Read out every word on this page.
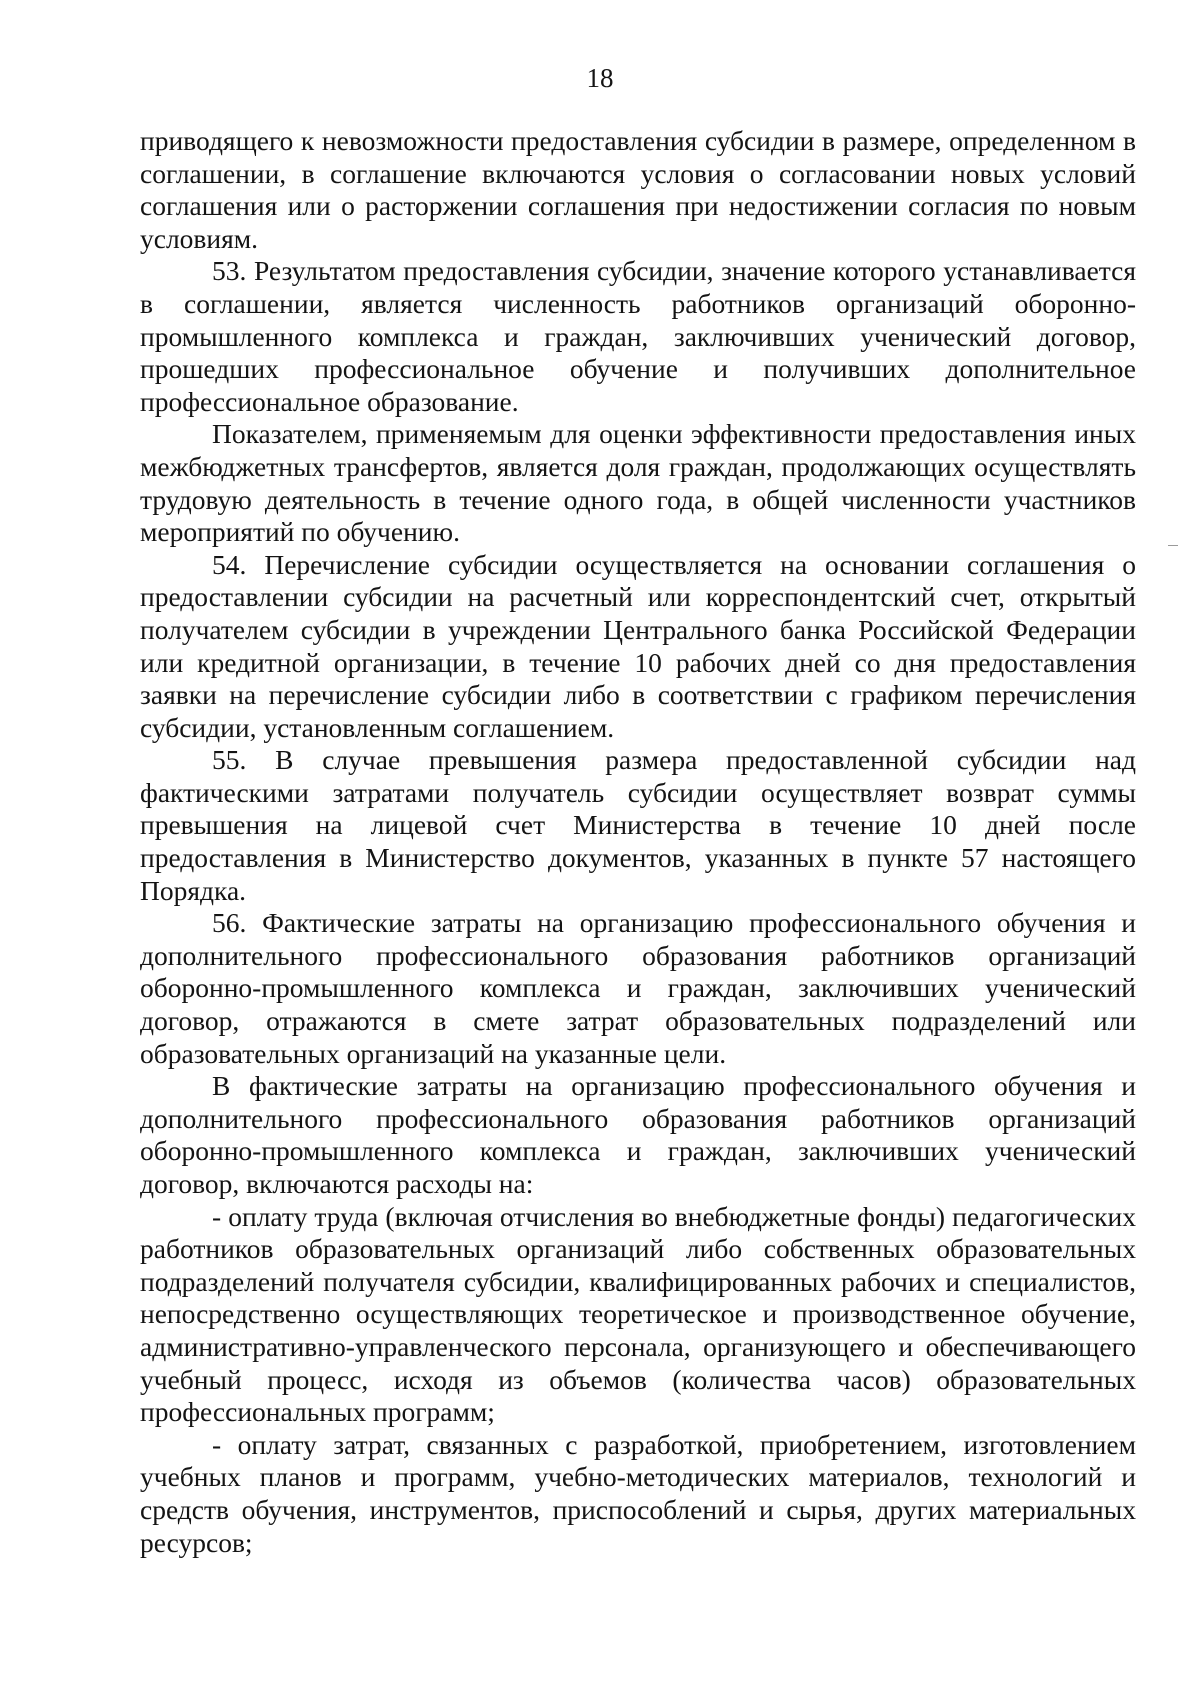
18

приводящего к невозможности предоставления субсидии в размере, определенном в соглашении, в соглашение включаются условия о согласовании новых условий соглашения или о расторжении соглашения при недостижении согласия по новым условиям.

53. Результатом предоставления субсидии, значение которого устанавливается в соглашении, является численность работников организаций оборонно-промышленного комплекса и граждан, заключивших ученический договор, прошедших профессиональное обучение и получивших дополнительное профессиональное образование.

Показателем, применяемым для оценки эффективности предоставления иных межбюджетных трансфертов, является доля граждан, продолжающих осуществлять трудовую деятельность в течение одного года, в общей численности участников мероприятий по обучению.

54. Перечисление субсидии осуществляется на основании соглашения о предоставлении субсидии на расчетный или корреспондентский счет, открытый получателем субсидии в учреждении Центрального банка Российской Федерации или кредитной организации, в течение 10 рабочих дней со дня предоставления заявки на перечисление субсидии либо в соответствии с графиком перечисления субсидии, установленным соглашением.

55. В случае превышения размера предоставленной субсидии над фактическими затратами получатель субсидии осуществляет возврат суммы превышения на лицевой счет Министерства в течение 10 дней после предоставления в Министерство документов, указанных в пункте 57 настоящего Порядка.

56. Фактические затраты на организацию профессионального обучения и дополнительного профессионального образования работников организаций оборонно-промышленного комплекса и граждан, заключивших ученический договор, отражаются в смете затрат образовательных подразделений или образовательных организаций на указанные цели.

В фактические затраты на организацию профессионального обучения и дополнительного профессионального образования работников организаций оборонно-промышленного комплекса и граждан, заключивших ученический договор, включаются расходы на:

- оплату труда (включая отчисления во внебюджетные фонды) педагогических работников образовательных организаций либо собственных образовательных подразделений получателя субсидии, квалифицированных рабочих и специалистов, непосредственно осуществляющих теоретическое и производственное обучение, административно-управленческого персонала, организующего и обеспечивающего учебный процесс, исходя из объемов (количества часов) образовательных профессиональных программ;

- оплату затрат, связанных с разработкой, приобретением, изготовлением учебных планов и программ, учебно-методических материалов, технологий и средств обучения, инструментов, приспособлений и сырья, других материальных ресурсов;
